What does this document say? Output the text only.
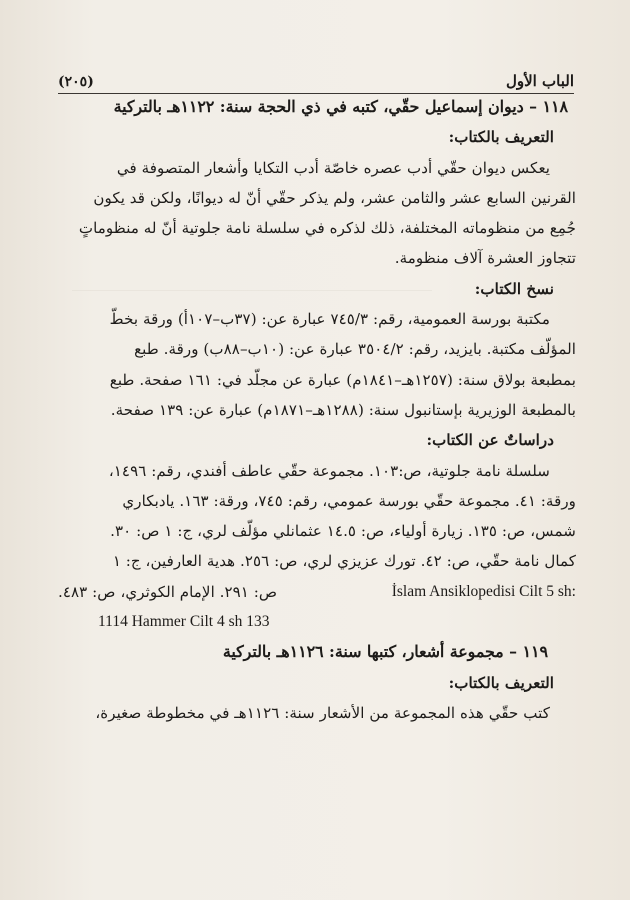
الباب الأول
(٢٠٥)
١١٨ – ديوان إسماعيل حقّي، كتبه في ذي الحجة سنة: ١١٢٢هـ بالتركية
التعريف بالكتاب:
يعكس ديوان حقّي أدب عصره خاصّة أدب التكايا وأشعار المتصوفة في
القرنين السابع عشر والثامن عشر، ولم يذكر حقّي أنّ له ديوانًا، ولكن قد يكون
جُمِع من منظوماته المختلفة، ذلك لذكره في سلسلة نامة جلوتية أنّ له منظوماتٍ
تتجاوز العشرة آلاف منظومة.
نسخ الكتاب:
مكتبة بورسة العمومية، رقم: ٧٤٥/٣ عبارة عن: (٣٧ب–١٠٧أ) ورقة بخطّ
المؤلّف مكتبة. بايزيد، رقم: ٣٥٠٤/٢ عبارة عن: (١٠ب–٨٨ب) ورقة. طبع
بمطبعة بولاق سنة: (١٢٥٧هـ–١٨٤١م) عبارة عن مجلّد في: ١٦١ صفحة. طبع
بالمطبعة الوزيرية بإستانبول سنة: (١٢٨٨هـ–١٨٧١م) عبارة عن: ١٣٩ صفحة.
دراساتٌ عن الكتاب:
سلسلة نامة جلوتية، ص:١٠٣. مجموعة حقّي عاطف أفندي، رقم: ١٤٩٦،
ورقة: ٤١. مجموعة حقّي بورسة عمومي، رقم: ٧٤٥، ورقة: ١٦٣. يادبكاري
شمس، ص: ١٣٥. زيارة أولياء، ص: ١٤.٥ عثمانلي مؤلّف لري، ج: ١ ص: ٣٠.
كمال نامة حقّي، ص: ٤٢. تورك عزيزي لري، ص: ٢٥٦. هدية العارفين، ج: ١
ص: ٢٩١. الإمام الكوثري، ص: ٤٨٣.	İslam Ansiklopedisi Cilt 5 sh:
1114 Hammer Cilt 4 sh 133
١١٩ – مجموعة أشعار، كتبها سنة: ١١٢٦هـ بالتركية
التعريف بالكتاب:
كتب حقّي هذه المجموعة من الأشعار سنة: ١١٢٦هـ في مخطوطة صغيرة،
